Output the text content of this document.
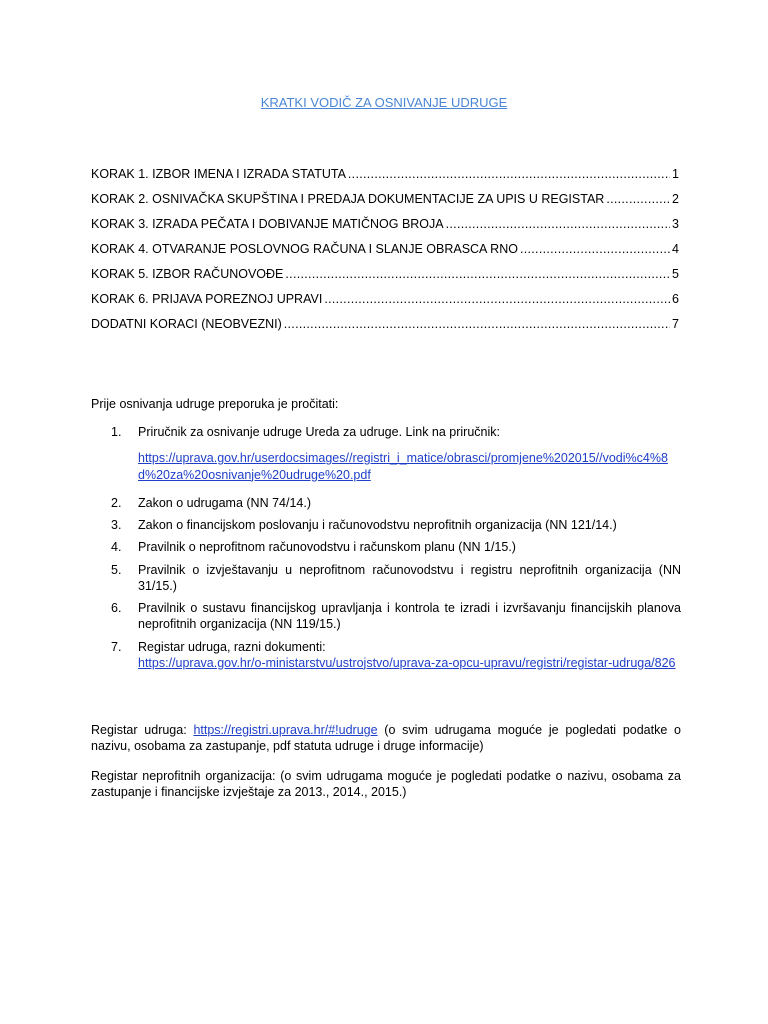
KRATKI VODIČ ZA OSNIVANJE UDRUGE
KORAK 1. IZBOR IMENA I IZRADA STATUTA .....	1
KORAK 2. OSNIVAČKA SKUPŠTINA I PREDAJA DOKUMENTACIJE ZA UPIS U REGISTAR .....	2
KORAK 3. IZRADA PEČATA I DOBIVANJE MATIČNOG BROJA .....	3
KORAK 4. OTVARANJE POSLOVNOG RAČUNA I SLANJE OBRASCA RNO .....	4
KORAK 5. IZBOR RAČUNOVOĐE .....	5
KORAK 6. PRIJAVA POREZNOJ UPRAVI .....	6
DODATNI KORACI (NEOBVEZNI) .....	7
Prije osnivanja udruge preporuka je pročitati:
1.	Priručnik za osnivanje udruge Ureda za udruge. Link na priručnik:
https://uprava.gov.hr/userdocsimages//registri_i_matice/obrasci/promjene%202015//vodi%c4%8d%20za%20osnivanje%20udruge%20.pdf
2.	Zakon o udrugama (NN 74/14.)
3.	Zakon o financijskom poslovanju i računovodstvu neprofitnih organizacija (NN 121/14.)
4.	Pravilnik o neprofitnom računovodstvu i računskom planu (NN 1/15.)
5.	Pravilnik o izvještavanju u neprofitnom računovodstvu i registru neprofitnih organizacija (NN 31/15.)
6.	Pravilnik o sustavu financijskog upravljanja i kontrola te izradi i izvršavanju financijskih planova neprofitnih organizacija (NN 119/15.)
7.	Registar udruga, razni dokumenti:
https://uprava.gov.hr/o-ministarstvu/ustrojstvo/uprava-za-opcu-upravu/registri/registar-udruga/826
Registar udruga: https://registri.uprava.hr/#!udruge (o svim udrugama moguće je pogledati podatke o nazivu, osobama za zastupanje, pdf statuta udruge i druge informacije)
Registar neprofitnih organizacija: (o svim udrugama moguće je pogledati podatke o nazivu, osobama za zastupanje i financijske izvještaje za 2013., 2014., 2015.)
